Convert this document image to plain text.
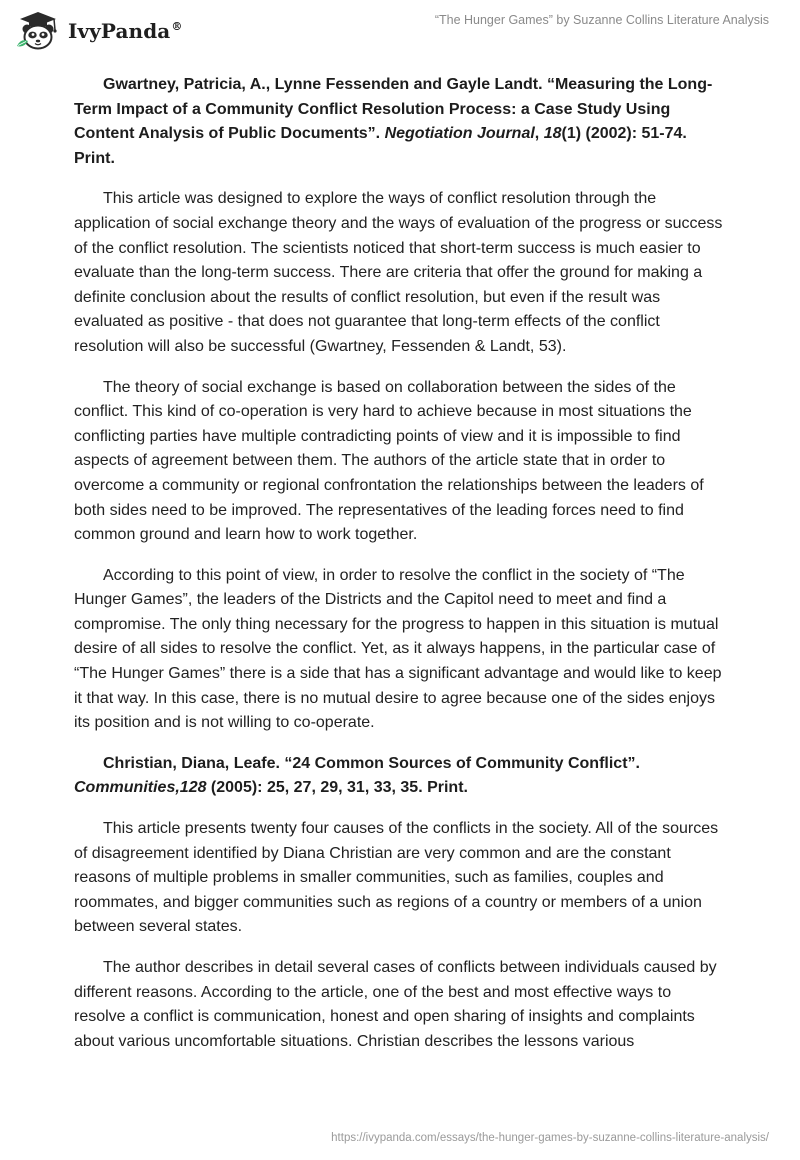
IvyPanda®	“The Hunger Games” by Suzanne Collins Literature Analysis

Gwartney, Patricia, A., Lynne Fessenden and Gayle Landt. “Measuring the Long- Term Impact of a Community Conflict Resolution Process: a Case Study Using Content Analysis of Public Documents”. Negotiation Journal, 18(1) (2002): 51-74. Print.

This article was designed to explore the ways of conflict resolution through the application of social exchange theory and the ways of evaluation of the progress or success of the conflict resolution. The scientists noticed that short-term success is much easier to evaluate than the long-term success. There are criteria that offer the ground for making a definite conclusion about the results of conflict resolution, but even if the result was evaluated as positive - that does not guarantee that long-term effects of the conflict resolution will also be successful (Gwartney, Fessenden & Landt, 53).

The theory of social exchange is based on collaboration between the sides of the conflict. This kind of co-operation is very hard to achieve because in most situations the conflicting parties have multiple contradicting points of view and it is impossible to find aspects of agreement between them. The authors of the article state that in order to overcome a community or regional confrontation the relationships between the leaders of both sides need to be improved. The representatives of the leading forces need to find common ground and learn how to work together.

According to this point of view, in order to resolve the conflict in the society of “The Hunger Games”, the leaders of the Districts and the Capitol need to meet and find a compromise. The only thing necessary for the progress to happen in this situation is mutual desire of all sides to resolve the conflict. Yet, as it always happens, in the particular case of “The Hunger Games” there is a side that has a significant advantage and would like to keep it that way. In this case, there is no mutual desire to agree because one of the sides enjoys its position and is not willing to co-operate.

Christian, Diana, Leafe. “24 Common Sources of Community Conflict”. Communities,128 (2005): 25, 27, 29, 31, 33, 35. Print.

This article presents twenty four causes of the conflicts in the society. All of the sources of disagreement identified by Diana Christian are very common and are the constant reasons of multiple problems in smaller communities, such as families, couples and roommates, and bigger communities such as regions of a country or members of a union between several states.

The author describes in detail several cases of conflicts between individuals caused by different reasons. According to the article, one of the best and most effective ways to resolve a conflict is communication, honest and open sharing of insights and complaints about various uncomfortable situations. Christian describes the lessons various

https://ivypanda.com/essays/the-hunger-games-by-suzanne-collins-literature-analysis/
